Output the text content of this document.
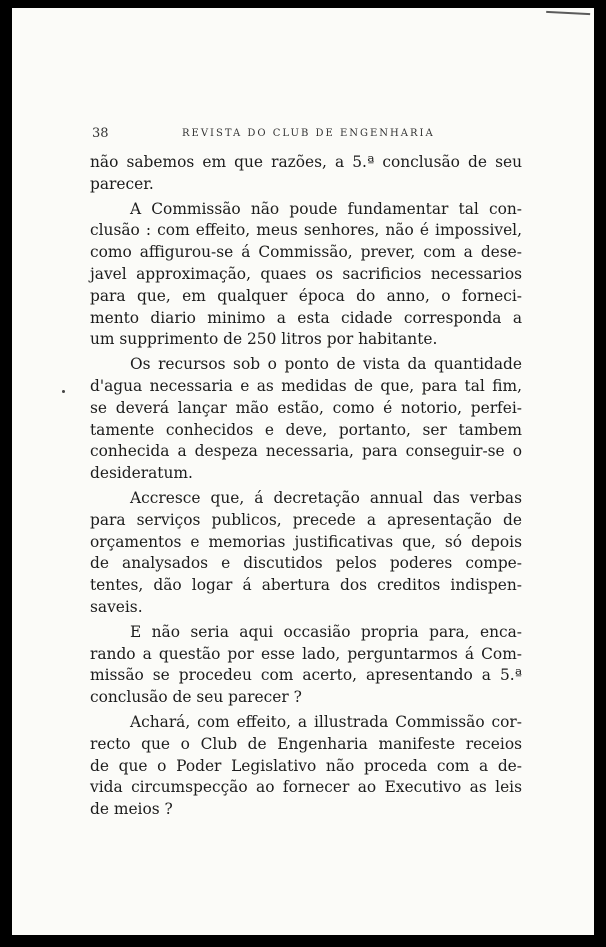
38	REVISTA DO CLUB DE ENGENHARIA

não sabemos em que razões, a 5.ª conclusão de seu
parecer.

A Commissão não poude fundamentar tal con-
clusão : com effeito, meus senhores, não é impossivel,
como affigurou-se á Commissão, prever, com a dese-
javel approximação, quaes os sacrificios necessarios
para que, em qualquer época do anno, o forneci-
mento diario minimo a esta cidade corresponda a
um supprimento de 250 litros por habitante.

Os recursos sob o ponto de vista da quantidade
d'agua necessaria e as medidas de que, para tal fim,
se deverá lançar mão estão, como é notorio, perfei-
tamente conhecidos e deve, portanto, ser tambem
conhecida a despeza necessaria, para conseguir-se o
desideratum.

Accresce que, á decretação annual das verbas
para serviços publicos, precede a apresentação de
orçamentos e memorias justificativas que, só depois
de analysados e discutidos pelos poderes compe-
tentes, dão logar á abertura dos creditos indispen-
saveis.

E não seria aqui occasião propria para, enca-
rando a questão por esse lado, perguntarmos á Com-
missão se procedeu com acerto, apresentando a 5.ª
conclusão de seu parecer ?

Achará, com effeito, a illustrada Commissão cor-
recto que o Club de Engenharia manifeste receios
de que o Poder Legislativo não proceda com a de-
vida circumspecção ao fornecer ao Executivo as leis
de meios ?
